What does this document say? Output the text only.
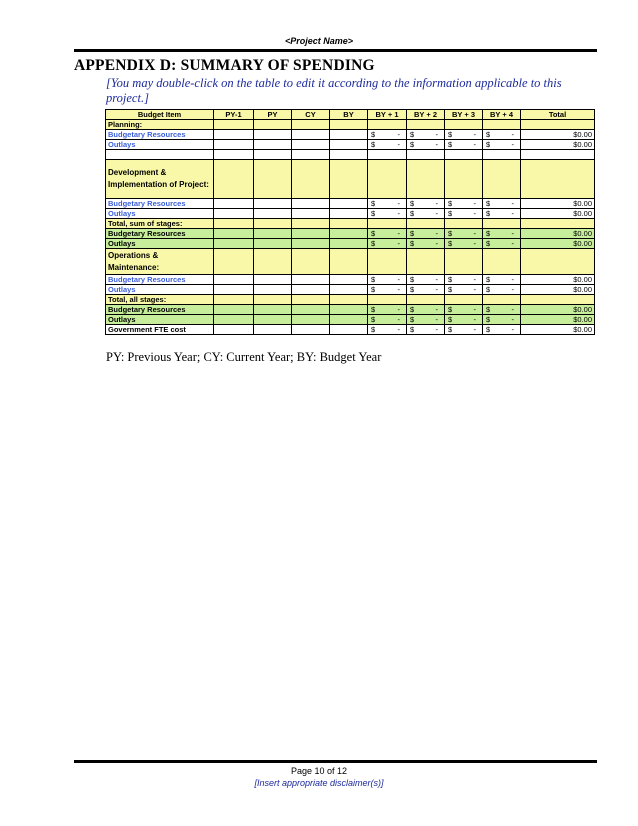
<Project Name>
APPENDIX D: SUMMARY OF SPENDING
[You may double-click on the table to edit it according to the information applicable to this project.]
Budget Item	PY-1	PY	CY	BY	BY + 1	BY + 2	BY + 3	BY + 4	Total
Planning:									
Budgetary Resources					$ -	$ -	$ -	$ -	$0.00
Outlays					$ -	$ -	$ -	$ -	$0.00

Development & Implementation of Project:									
Budgetary Resources					$ -	$ -	$ -	$ -	$0.00
Outlays					$ -	$ -	$ -	$ -	$0.00
Total, sum of stages:									
Budgetary Resources					$ -	$ -	$ -	$ -	$0.00
Outlays					$ -	$ -	$ -	$ -	$0.00
Operations & Maintenance:									
Budgetary Resources					$ -	$ -	$ -	$ -	$0.00
Outlays					$ -	$ -	$ -	$ -	$0.00
Total, all stages:									
Budgetary Resources					$ -	$ -	$ -	$ -	$0.00
Outlays					$ -	$ -	$ -	$ -	$0.00
Government FTE cost					$ -	$ -	$ -	$ -	$0.00
PY: Previous Year; CY: Current Year; BY: Budget Year
Page 10 of 12
[Insert appropriate disclaimer(s)]
